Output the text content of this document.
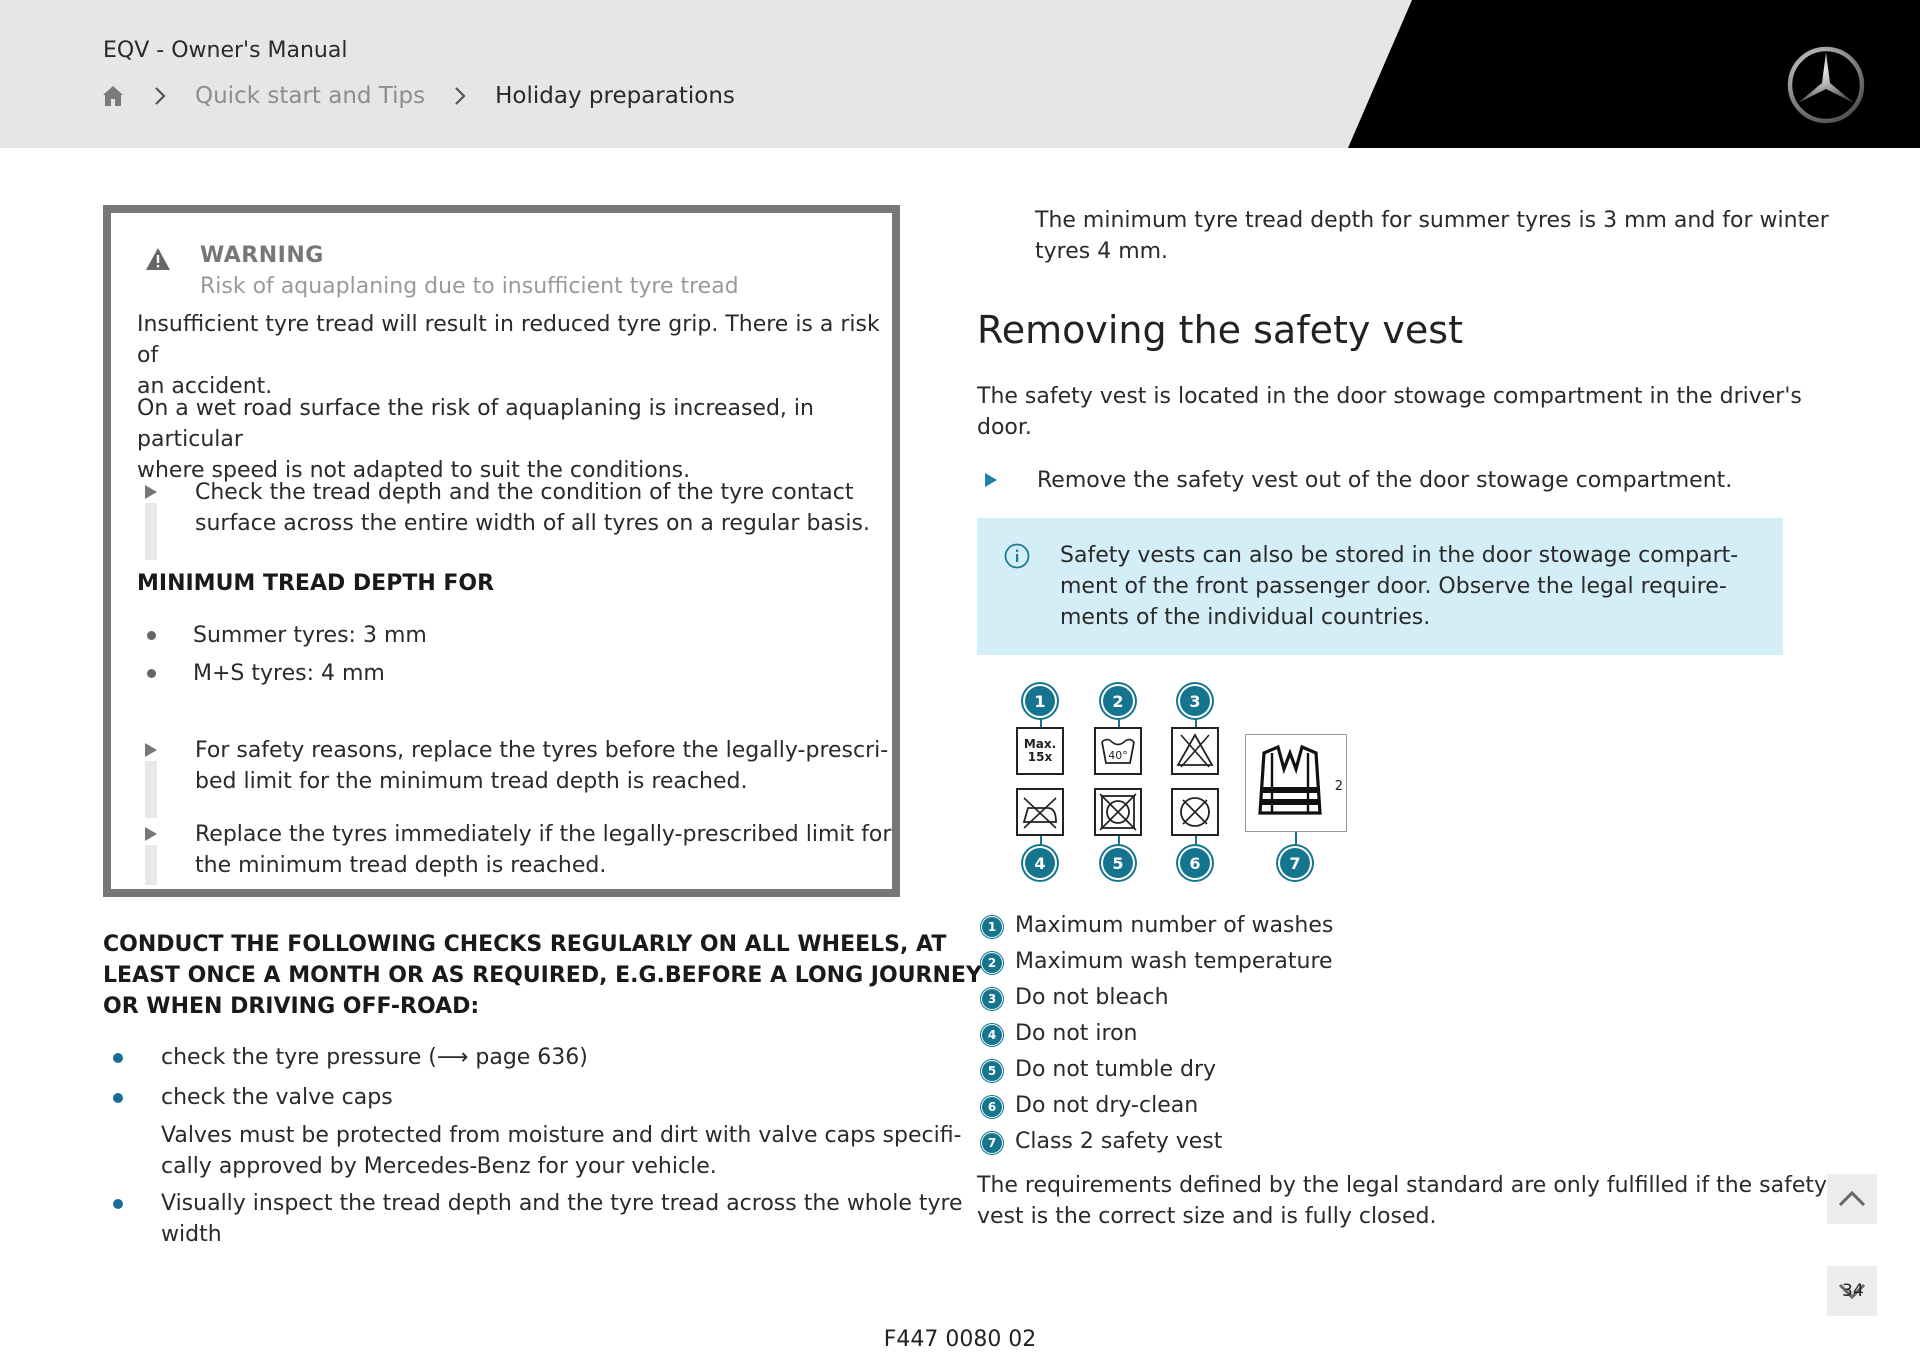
EQV - Owner's Manual
Quick start and Tips	Holiday preparations
WARNING
Risk of aquaplaning due to insufficient tyre tread
Insufficient tyre tread will result in reduced tyre grip. There is a risk of
an accident.
On a wet road surface the risk of aquaplaning is increased, in particular
where speed is not adapted to suit the conditions.
Check the tread depth and the condition of the tyre contact
surface across the entire width of all tyres on a regular basis.
MINIMUM TREAD DEPTH FOR
Summer tyres: 3 mm
M+S tyres: 4 mm
For safety reasons, replace the tyres before the legally-prescri-
bed limit for the minimum tread depth is reached.
Replace the tyres immediately if the legally-prescribed limit for
the minimum tread depth is reached.
CONDUCT THE FOLLOWING CHECKS REGULARLY ON ALL WHEELS, AT
LEAST ONCE A MONTH OR AS REQUIRED, E.G.BEFORE A LONG JOURNEY
OR WHEN DRIVING OFF-ROAD:
check the tyre pressure (⟶ page 636)
check the valve caps
Valves must be protected from moisture and dirt with valve caps specifi-
cally approved by Mercedes-Benz for your vehicle.
Visually inspect the tread depth and the tyre tread across the whole tyre
width
The minimum tyre tread depth for summer tyres is 3 mm and for winter
tyres 4 mm.
Removing the safety vest
The safety vest is located in the door stowage compartment in the driver's
door.
Remove the safety vest out of the door stowage compartment.
Safety vests can also be stored in the door stowage compart-
ment of the front passenger door. Observe the legal require-
ments of the individual countries.
1	2	3
Max.
15x	40°
2
4	5	6	7
1 Maximum number of washes
2 Maximum wash temperature
3 Do not bleach
4 Do not iron
5 Do not tumble dry
6 Do not dry-clean
7 Class 2 safety vest
The requirements defined by the legal standard are only fulfilled if the safety
vest is the correct size and is fully closed.
34
F447 0080 02
